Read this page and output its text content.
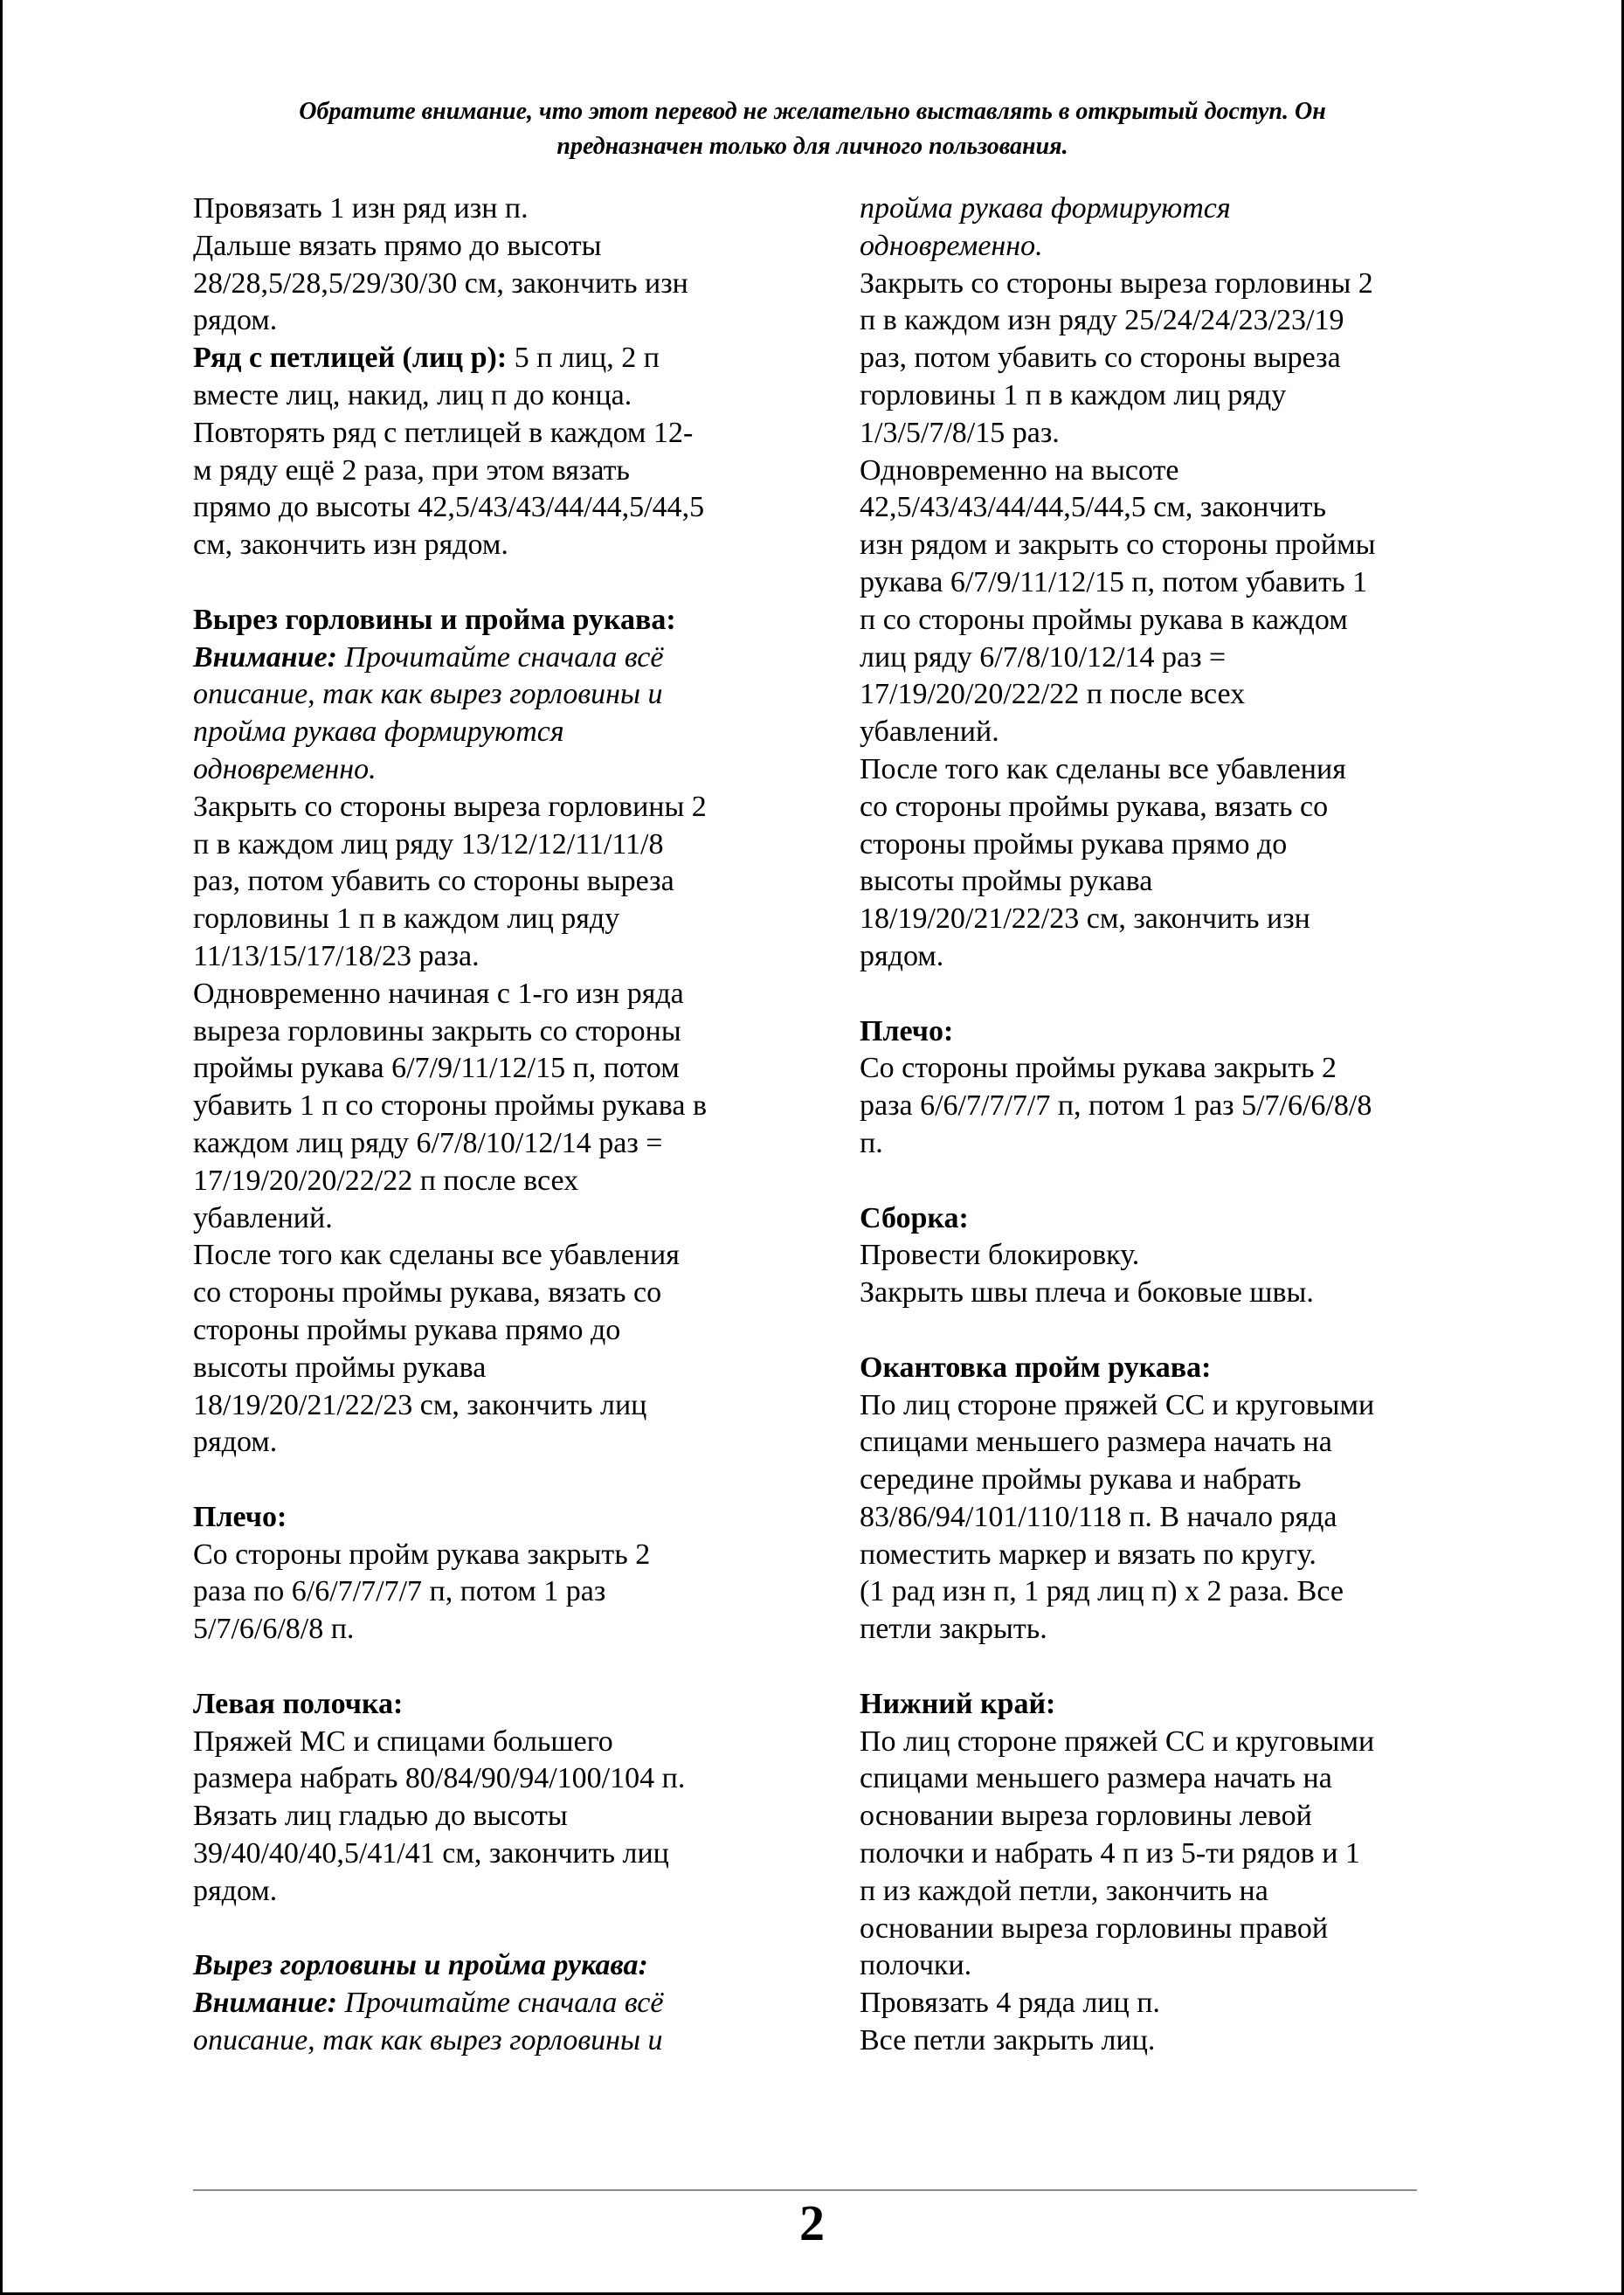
Обратите внимание, что этот перевод не желательно выставлять в открытый доступ. Он
предназначен только для личного пользования.
Провязать 1 изн ряд изн п.
Дальше вязать прямо до высоты
28/28,5/28,5/29/30/30 см, закончить изн
рядом.
Ряд с петлицей (лиц р): 5 п лиц, 2 п
вместе лиц, накид, лиц п до конца.
Повторять ряд с петлицей в каждом 12-
м ряду ещё 2 раза, при этом вязать
прямо до высоты 42,5/43/43/44/44,5/44,5
см, закончить изн рядом.
Вырез горловины и пройма рукава:
Внимание: Прочитайте сначала всё
описание, так как вырез горловины и
пройма рукава формируются
одновременно.
Закрыть со стороны выреза горловины 2
п в каждом лиц ряду 13/12/12/11/11/8
раз, потом убавить со стороны выреза
горловины 1 п в каждом лиц ряду
11/13/15/17/18/23 раза.
Одновременно начиная с 1-го изн ряда
выреза горловины закрыть со стороны
проймы рукава 6/7/9/11/12/15 п, потом
убавить 1 п со стороны проймы рукава в
каждом лиц ряду 6/7/8/10/12/14 раз =
17/19/20/20/22/22 п после всех
убавлений.
После того как сделаны все убавления
со стороны проймы рукава, вязать со
стороны проймы рукава прямо до
высоты проймы рукава
18/19/20/21/22/23 см, закончить лиц
рядом.
Плечо:
Со стороны пройм рукава закрыть 2
раза по 6/6/7/7/7/7 п, потом 1 раз
5/7/6/6/8/8 п.
Левая полочка:
Пряжей МС и спицами большего
размера набрать 80/84/90/94/100/104 п.
Вязать лиц гладью до высоты
39/40/40/40,5/41/41 см, закончить лиц
рядом.
Вырез горловины и пройма рукава:
Внимание: Прочитайте сначала всё
описание, так как вырез горловины и
пройма рукава формируются
одновременно.
Закрыть со стороны выреза горловины 2
п в каждом изн ряду 25/24/24/23/23/19
раз, потом убавить со стороны выреза
горловины 1 п в каждом лиц ряду
1/3/5/7/8/15 раз.
Одновременно на высоте
42,5/43/43/44/44,5/44,5 см, закончить
изн рядом и закрыть со стороны проймы
рукава 6/7/9/11/12/15 п, потом убавить 1
п со стороны проймы рукава в каждом
лиц ряду 6/7/8/10/12/14 раз =
17/19/20/20/22/22 п после всех
убавлений.
После того как сделаны все убавления
со стороны проймы рукава, вязать со
стороны проймы рукава прямо до
высоты проймы рукава
18/19/20/21/22/23 см, закончить изн
рядом.
Плечо:
Со стороны проймы рукава закрыть 2
раза 6/6/7/7/7/7 п, потом 1 раз 5/7/6/6/8/8
п.
Сборка:
Провести блокировку.
Закрыть швы плеча и боковые швы.
Окантовка пройм рукава:
По лиц стороне пряжей СС и круговыми
спицами меньшего размера начать на
середине проймы рукава и набрать
83/86/94/101/110/118 п. В начало ряда
поместить маркер и вязать по кругу.
(1 рад изн п, 1 ряд лиц п) х 2 раза. Все
петли закрыть.
Нижний край:
По лиц стороне пряжей СС и круговыми
спицами меньшего размера начать на
основании выреза горловины левой
полочки и набрать 4 п из 5-ти рядов и 1
п из каждой петли, закончить на
основании выреза горловины правой
полочки.
Провязать 4 ряда лиц п.
Все петли закрыть лиц.
2
